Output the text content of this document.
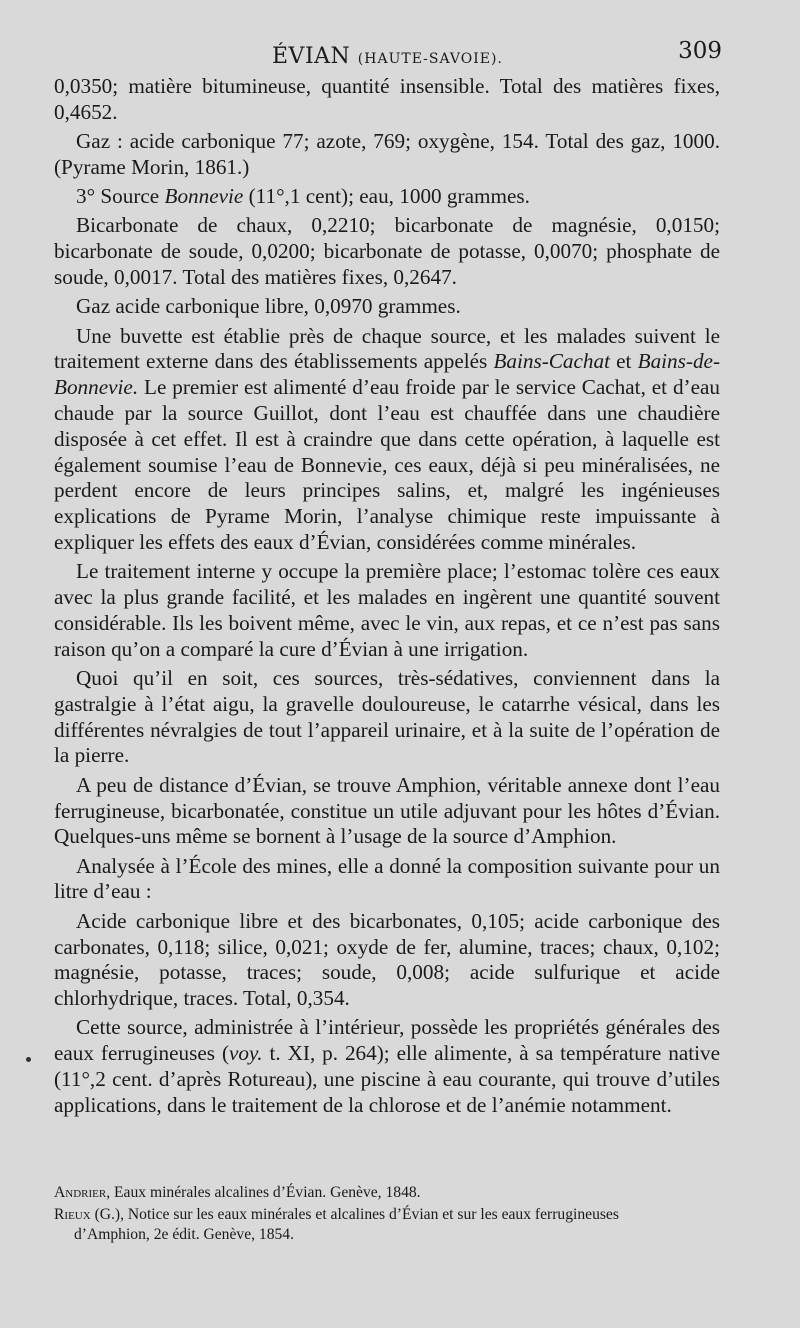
ÉVIAN (HAUTE-SAVOIE).	309

0,0350; matière bitumineuse, quantité insensible. Total des matières fixes, 0,4652.

Gaz : acide carbonique 77; azote, 769; oxygène, 154. Total des gaz, 1000. (Pyrame Morin, 1861.)

3° Source Bonnevie (11°,1 cent); eau, 1000 grammes.

Bicarbonate de chaux, 0,2210; bicarbonate de magnésie, 0,0150; bicarbonate de soude, 0,0200; bicarbonate de potasse, 0,0070; phosphate de soude, 0,0017. Total des matières fixes, 0,2647.

Gaz acide carbonique libre, 0,0970 grammes.

Une buvette est établie près de chaque source, et les malades suivent le traitement externe dans des établissements appelés Bains-Cachat et Bains-de-Bonnevie. Le premier est alimenté d’eau froide par le service Cachat, et d’eau chaude par la source Guillot, dont l’eau est chauffée dans une chaudière disposée à cet effet. Il est à craindre que dans cette opération, à laquelle est également soumise l’eau de Bonnevie, ces eaux, déjà si peu minéralisées, ne perdent encore de leurs principes salins, et, malgré les ingénieuses explications de Pyrame Morin, l’analyse chimique reste impuissante à expliquer les effets des eaux d’Évian, considérées comme minérales.

Le traitement interne y occupe la première place; l’estomac tolère ces eaux avec la plus grande facilité, et les malades en ingèrent une quantité souvent considérable. Ils les boivent même, avec le vin, aux repas, et ce n’est pas sans raison qu’on a comparé la cure d’Évian à une irrigation.

Quoi qu’il en soit, ces sources, très-sédatives, conviennent dans la gastralgie à l’état aigu, la gravelle douloureuse, le catarrhe vésical, dans les différentes névralgies de tout l’appareil urinaire, et à la suite de l’opération de la pierre.

A peu de distance d’Évian, se trouve Amphion, véritable annexe dont l’eau ferrugineuse, bicarbonatée, constitue un utile adjuvant pour les hôtes d’Évian. Quelques-uns même se bornent à l’usage de la source d’Amphion.

Analysée à l’École des mines, elle a donné la composition suivante pour un litre d’eau :

Acide carbonique libre et des bicarbonates, 0,105; acide carbonique des carbonates, 0,118; silice, 0,021; oxyde de fer, alumine, traces; chaux, 0,102; magnésie, potasse, traces; soude, 0,008; acide sulfurique et acide chlorhydrique, traces. Total, 0,354.

Cette source, administrée à l’intérieur, possède les propriétés générales des eaux ferrugineuses (voy. t. XI, p. 264); elle alimente, à sa température native (11°,2 cent. d’après Rotureau), une piscine à eau courante, qui trouve d’utiles applications, dans le traitement de la chlorose et de l’anémie notamment.

Andrier, Eaux minérales alcalines d’Évian. Genève, 1848.

Rieux (G.), Notice sur les eaux minérales et alcalines d’Évian et sur les eaux ferrugineuses
d’Amphion, 2e édit. Genève, 1854.
